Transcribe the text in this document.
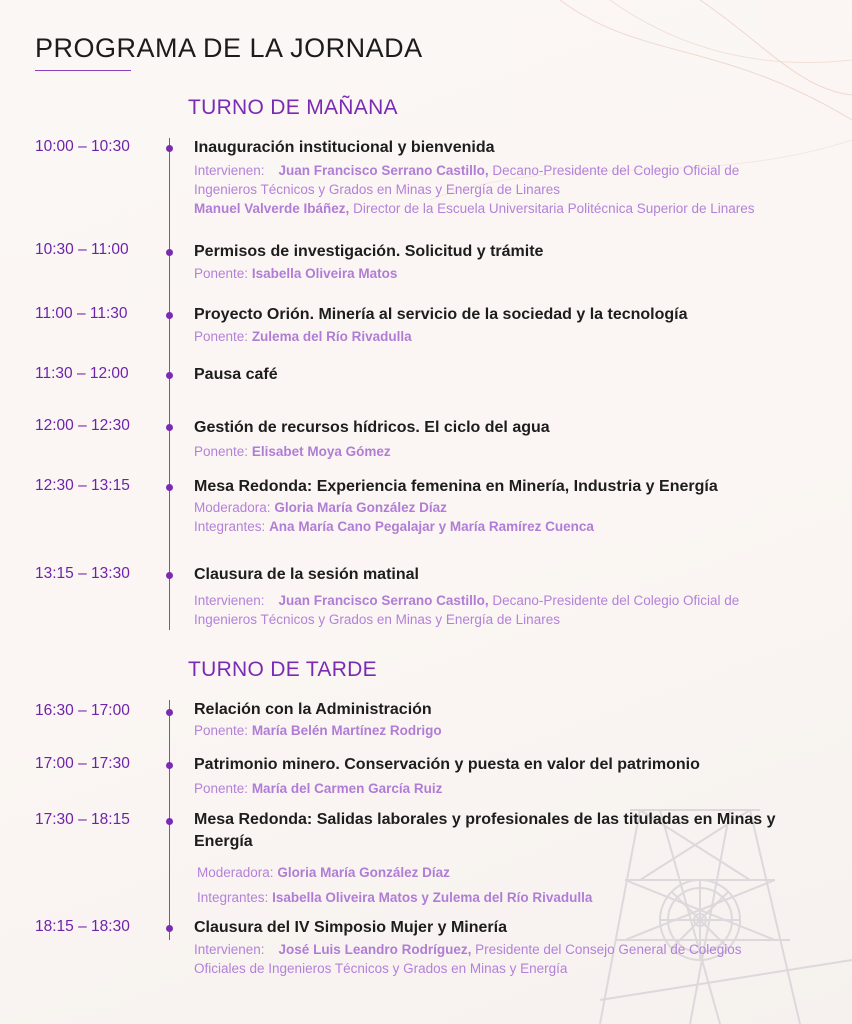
PROGRAMA DE LA JORNADA
TURNO DE MAÑANA
10:00 – 10:30	Inauguración institucional y bienvenida
Intervienen: Juan Francisco Serrano Castillo, Decano-Presidente del Colegio Oficial de
Ingenieros Técnicos y Grados en Minas y Energía de Linares
Manuel Valverde Ibáñez, Director de la Escuela Universitaria Politécnica Superior de Linares
10:30 – 11:00	Permisos de investigación. Solicitud y trámite
Ponente: Isabella Oliveira Matos
11:00 – 11:30	Proyecto Orión. Minería al servicio de la sociedad y la tecnología
Ponente: Zulema del Río Rivadulla
11:30 – 12:00	Pausa café
12:00 – 12:30	Gestión de recursos hídricos. El ciclo del agua
Ponente: Elisabet Moya Gómez
12:30 – 13:15	Mesa Redonda: Experiencia femenina en Minería, Industria y Energía
Moderadora: Gloria María González Díaz
Integrantes: Ana María Cano Pegalajar y María Ramírez Cuenca
13:15 – 13:30	Clausura de la sesión matinal
Intervienen: Juan Francisco Serrano Castillo, Decano-Presidente del Colegio Oficial de
Ingenieros Técnicos y Grados en Minas y Energía de Linares
TURNO DE TARDE
16:30 – 17:00	Relación con la Administración
Ponente: María Belén Martínez Rodrigo
17:00 – 17:30	Patrimonio minero. Conservación y puesta en valor del patrimonio
Ponente: María del Carmen García Ruiz
17:30 – 18:15	Mesa Redonda: Salidas laborales y profesionales de las tituladas en Minas y Energía
Moderadora: Gloria María González Díaz
Integrantes: Isabella Oliveira Matos y Zulema del Río Rivadulla
18:15 – 18:30	Clausura del IV Simposio Mujer y Minería
Intervienen: José Luis Leandro Rodríguez, Presidente del Consejo General de Colegios
Oficiales de Ingenieros Técnicos y Grados en Minas y Energía
